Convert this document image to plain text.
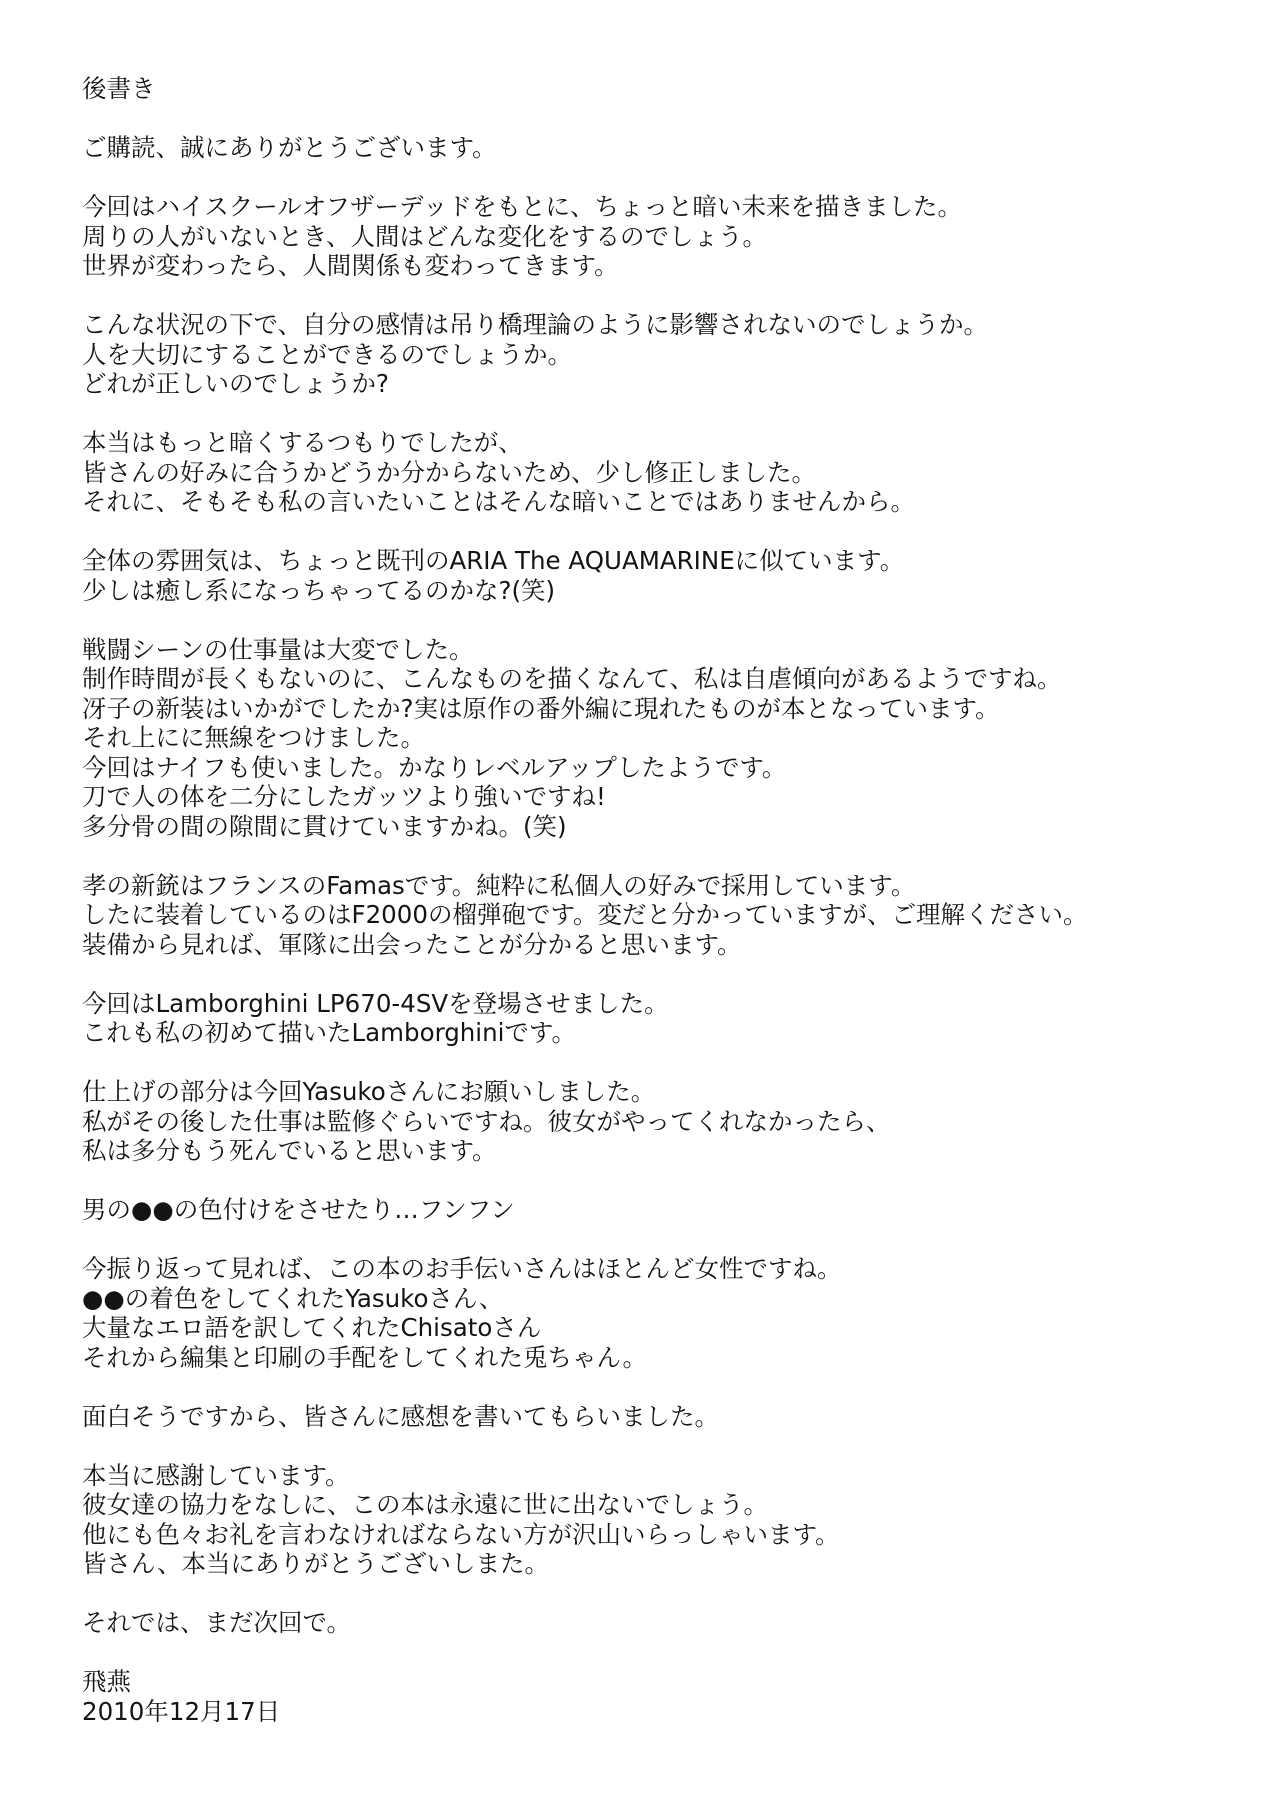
後書き
ご購読、誠にありがとうございます。
今回はハイスクールオフザーデッドをもとに、ちょっと暗い未来を描きました。
周りの人がいないとき、人間はどんな変化をするのでしょう。
世界が変わったら、人間関係も変わってきます。
こんな状況の下で、自分の感情は吊り橋理論のように影響されないのでしょうか。
人を大切にすることができるのでしょうか。
どれが正しいのでしょうか?
本当はもっと暗くするつもりでしたが、
皆さんの好みに合うかどうか分からないため、少し修正しました。
それに、そもそも私の言いたいことはそんな暗いことではありませんから。
全体の雰囲気は、ちょっと既刊のARIA The AQUAMARINEに似ています。
少しは癒し系になっちゃってるのかな?(笑)
戦闘シーンの仕事量は大変でした。
制作時間が長くもないのに、こんなものを描くなんて、私は自虐傾向があるようですね。
冴子の新装はいかがでしたか?実は原作の番外編に現れたものが本となっています。
それ上にに無線をつけました。
今回はナイフも使いました。かなりレベルアップしたようです。
刀で人の体を二分にしたガッツより強いですね!
多分骨の間の隙間に貫けていますかね。(笑)
孝の新銃はフランスのFamasです。純粋に私個人の好みで採用しています。
したに装着しているのはF2000の榴弾砲です。変だと分かっていますが、ご理解ください。
装備から見れば、軍隊に出会ったことが分かると思います。
今回はLamborghini LP670-4SVを登場させました。
これも私の初めて描いたLamborghiniです。
仕上げの部分は今回Yasukoさんにお願いしました。
私がその後した仕事は監修ぐらいですね。彼女がやってくれなかったら、
私は多分もう死んでいると思います。
男の●●の色付けをさせたり…フンフン
今振り返って見れば、この本のお手伝いさんはほとんど女性ですね。
●●の着色をしてくれたYasukoさん、
大量なエロ語を訳してくれたChisatoさん
それから編集と印刷の手配をしてくれた兎ちゃん。
面白そうですから、皆さんに感想を書いてもらいました。
本当に感謝しています。
彼女達の協力をなしに、この本は永遠に世に出ないでしょう。
他にも色々お礼を言わなければならない方が沢山いらっしゃいます。
皆さん、本当にありがとうございしまた。
それでは、まだ次回で。
飛燕
2010年12月17日
